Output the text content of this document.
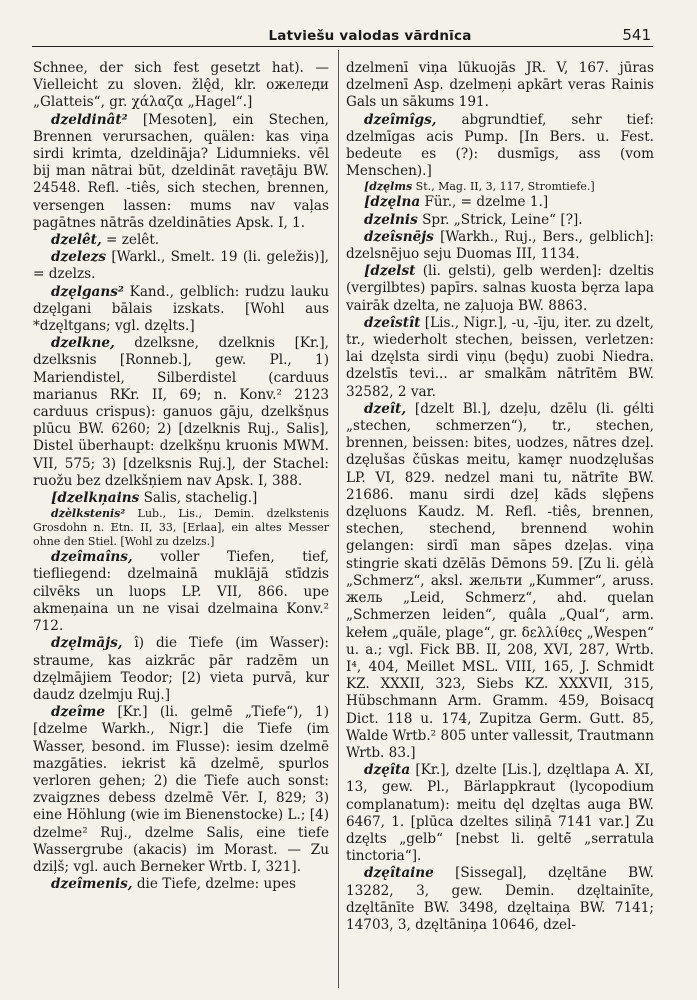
Latviešu valodas vārdnīca	541

Schnee, der sich fest gesetzt hat). — Vielleicht zu sloven. žlę̂d, klr. ожеледи „Glatteis“, gr. χάλαζα „Hagel“.]

dzeldinât² [Mesoten], ein Stechen, Brennen verursachen, quälen: kas viņa sirdi krimta, dzeldināja? Lidumnieks. vēl bij man nātrai būt, dzeldināt raveֶtāju BW. 24548. Refl. -tiês, sich stechen, brennen, versengen lassen: mums nav vaļas pagātnes nātrās dzeldināties Apsk. I, 1.

dzelêt, = zelêt.

dzelezs [Warkl., Smelt. 19 (li. geležis)], = dzelzs.

dzęlgans² Kand., gelblich: rudzu lauku dzęlgani bālais izskats. [Wohl aus *dzęltgans; vgl. dzęlts.]

dzelkne, dzelksne, dzelknis [Kr.], dzelksnis [Ronneb.], gew. Pl., 1) Mariendistel, Silberdistel (carduus marianus RKr. II, 69; n. Konv.² 2123 carduus crispus): ganuos gāju, dzelkšņus plūcu BW. 6260; 2) [dzelknis Ruj., Salis], Distel überhaupt: dzelkšņu kruonis MWM. VII, 575; 3) [dzelksnis Ruj.], der Stachel: ruožu bez dzelkšņiem nav Apsk. I, 388.

[dzelkņains Salis, stachelig.]

dzèlkstenis² Lub., Lis., Demin. dzelkstenis Grosdohn n. Etn. II, 33, [Erlaa], ein altes Messer ohne den Stiel. [Wohl zu dzelzs.]

dzeîmaîns, voller Tiefen, tief, tiefliegend: dzelmainā muklājā stīdzis cilvēks un luops LP. VII, 866. upe akmeņaina un ne visai dzelmaina Konv.² 712.

dzęlmājs, î) die Tiefe (im Wasser): straume, kas aizkrāc pār radzēm un dzęlmājiem Teodor; [2) vieta purvā, kur daudz dzelmju Ruj.]

dzeîme [Kr.] (li. gelmė̃ „Tiefe“), 1) [dzelme Warkh., Nigr.] die Tiefe (im Wasser, besond. im Flusse): iesim dzelmē mazgāties. iekrist kā dzelmē, spurlos verloren gehen; 2) die Tiefe auch sonst: zvaigznes debess dzelmē Vēr. I, 829; 3) eine Höhlung (wie im Bienenstocke) L.; [4) dzelme² Ruj., dzelme Salis, eine tiefe Wassergrube (akacis) im Morast. — Zu dziļš; vgl. auch Berneker Wrtb. I, 321].

dzeîmenis, die Tiefe, dzelme: upes

dzelmenī viņa lūkuojās JR. V, 167. jūras dzelmenī Asp. dzelmeņi apkārt veras Rainis Gals un sākums 191.

dzeîmîgs, abgrundtief, sehr tief: dzelmīgas acis Pump. [In Bers. u. Fest. bedeute es (?): dusmīgs, ass (vom Menschen).]

[dzęlms St., Mag. II, 3, 117, Stromtiefe.]

[dzęlna Für., = dzelme 1.]

dzelnis Spr. „Strick, Leine“ [?].

dzeîsnējs [Warkh., Ruj., Bers., gelblich]: dzelsnējuo seju Duomas III, 1134.

[dzelst (li. gelsti), gelb werden]: dzeltis (vergilbtes) papīrs. salnas kuosta bęrza lapa vairāk dzelta, ne zaļuoja BW. 8863.

dzeîstît [Lis., Nigr.], -u, -īju, iter. zu dzelt, tr., wiederholt stechen, beissen, verletzen: lai dzęlsta sirdi viņu (bęḑu) zuobi Niedra. dzelstīs tevi... ar smalkām nātrītēm BW. 32582, 2 var.

dzeît, [dzelt Bl.], dzeļu, dzēlu (li. gélti „stechen, schmerzen“), tr., stechen, brennen, beissen: bites, uodzes, nātres dzeļ. dzęlušas čūskas meitu, kamęr nuodzęlušas LP. VI, 829. nedzel mani tu, nātrīte BW. 21686. manu sirdi dzeļ kāds slęp̄ens dzęluons Kaudz. M. Refl. -tiês, brennen, stechen, stechend, brennend wohin gelangen: sirdī man sāpes dzeļas. viņa stingrie skati dzēlās Dēmons 59. [Zu li. gėlà „Schmerz“, aksl. жельти „Kummer“, aruss. жель „Leid, Schmerz“, ahd. quelan „Schmerzen leiden“, quâla „Qual“, arm. kełem „quäle, plage“, gr. δελλίθες „Wespen“ u. a.; vgl. Fick BB. II, 208, XVI, 287, Wrtb. I⁴, 404, Meillet MSL. VIII, 165, J. Schmidt KZ. XXXII, 323, Siebs KZ. XXXVII, 315, Hübschmann Arm. Gramm. 459, Boisacq Dict. 118 u. 174, Zupitza Germ. Gutt. 85, Walde Wrtb.² 805 unter vallessit, Trautmann Wrtb. 83.]

dzęîta [Kr.], dzelte [Lis.], dzęltlapa A. XI, 13, gew. Pl., Bärlappkraut (lycopodium complanatum): meitu dęl dzęltas auga BW. 6467, 1. [plūca dzeltes siliņā 7141 var.] Zu dzęlts „gelb“ [nebst li. geltė̃ „serratula tinctoria“].

dzęîtaine [Sissegal], dzęltāne BW. 13282, 3, gew. Demin. dzęltainīte, dzęltānīte BW. 3498, dzęltaiņa BW. 7141; 14703, 3, dzęltāniņa 10646, dzel-
